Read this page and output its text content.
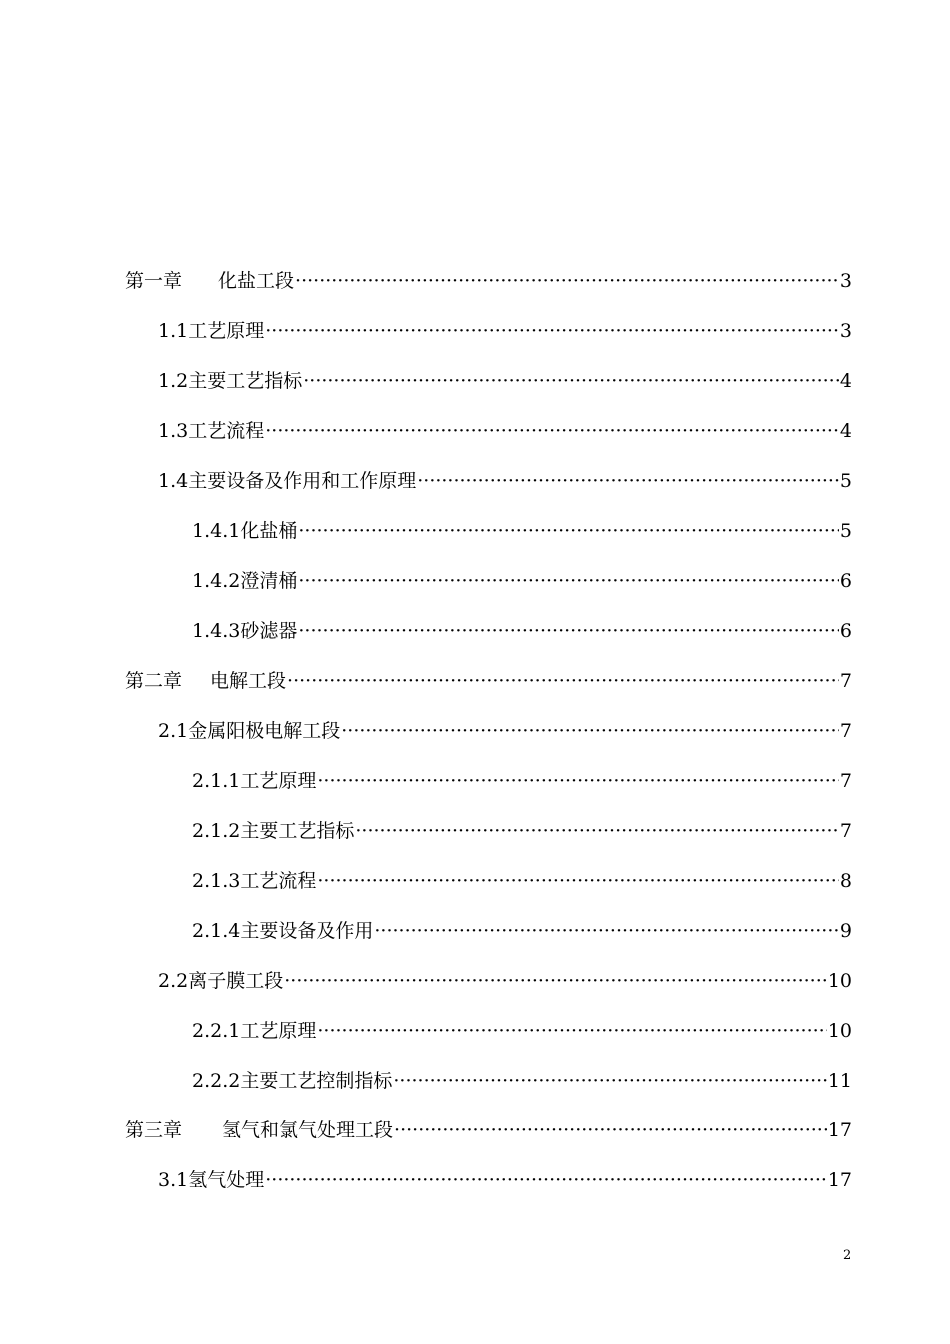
第一章 化盐工段 ·····	3
1.1工艺原理 ·····	3
1.2主要工艺指标 ·····	4
1.3工艺流程 ·····	4
1.4主要设备及作用和工作原理 ·····	5
1.4.1化盐桶 ·····	5
1.4.2澄清桶 ·····	6
1.4.3砂滤器 ·····	6
第二章 电解工段 ·····	7
2.1金属阳极电解工段 ·····	7
2.1.1工艺原理 ·····	7
2.1.2主要工艺指标 ·····	7
2.1.3工艺流程 ·····	8
2.1.4主要设备及作用 ·····	9
2.2离子膜工段 ·····	10
2.2.1工艺原理 ·····	10
2.2.2主要工艺控制指标 ·····	11
第三章 氢气和氯气处理工段 ·····	17
3.1氢气处理 ·····	17
2
